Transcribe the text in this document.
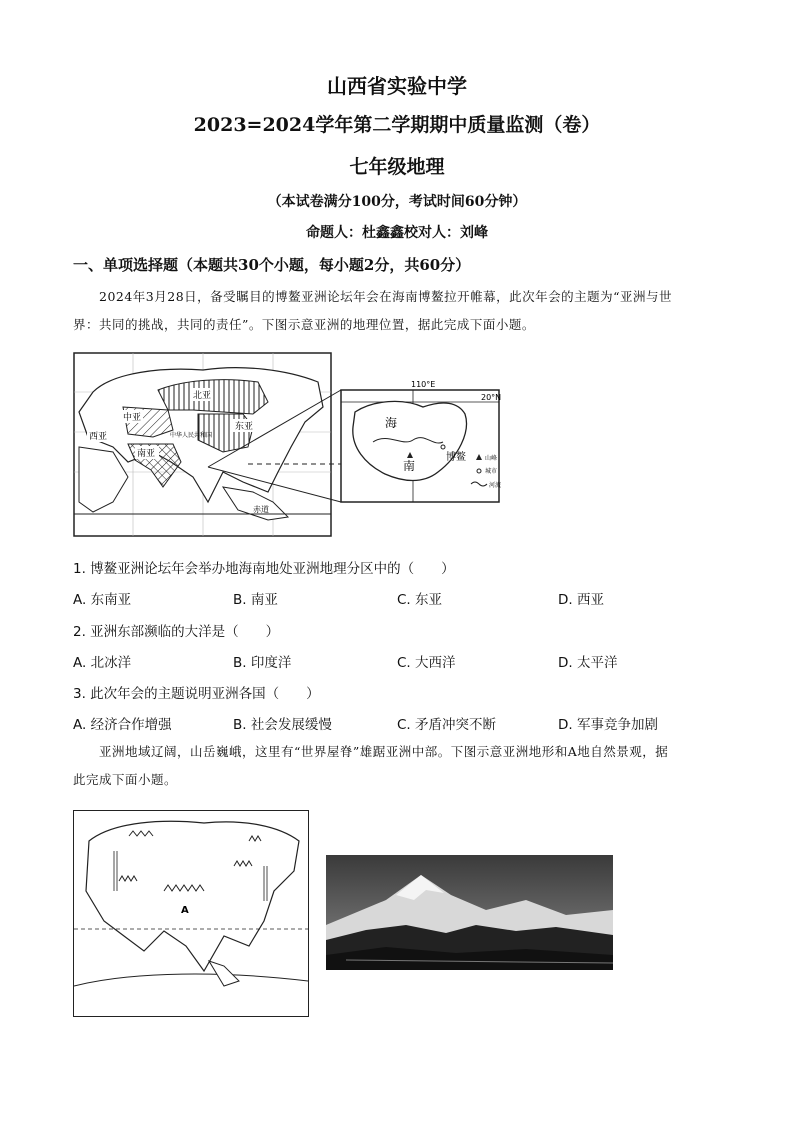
山西省实验中学
2023=2024学年第二学期期中质量监测（卷）
七年级地理
（本试卷满分100分，考试时间60分钟）
命题人：杜鑫鑫校对人：刘峰
一、单项选择题（本题共30个小题，每小题2分，共60分）
2024年3月28日，备受瞩目的博鳌亚洲论坛年会在海南博鳌拉开帷幕，此次年会的主题为“亚洲与世
界：共同的挑战，共同的责任”。下图示意亚洲的地理位置，据此完成下面小题。
北亚
中亚
西亚
东亚
南亚
中华人民共和国
赤道
110°E
20°N
海
南
博鳌	山峰
城市
河流
1. 博鳌亚洲论坛年会举办地海南地处亚洲地理分区中的（　　）
A. 东南亚	B. 南亚	C. 东亚	D. 西亚
2. 亚洲东部濒临的大洋是（　　）
A. 北冰洋	B. 印度洋	C. 大西洋	D. 太平洋
3. 此次年会的主题说明亚洲各国（　　）
A. 经济合作增强	B. 社会发展缓慢	C. 矛盾冲突不断	D. 军事竞争加剧
亚洲地域辽阔，山岳巍峨，这里有“世界屋脊”雄踞亚洲中部。下图示意亚洲地形和A地自然景观，据
此完成下面小题。
A
